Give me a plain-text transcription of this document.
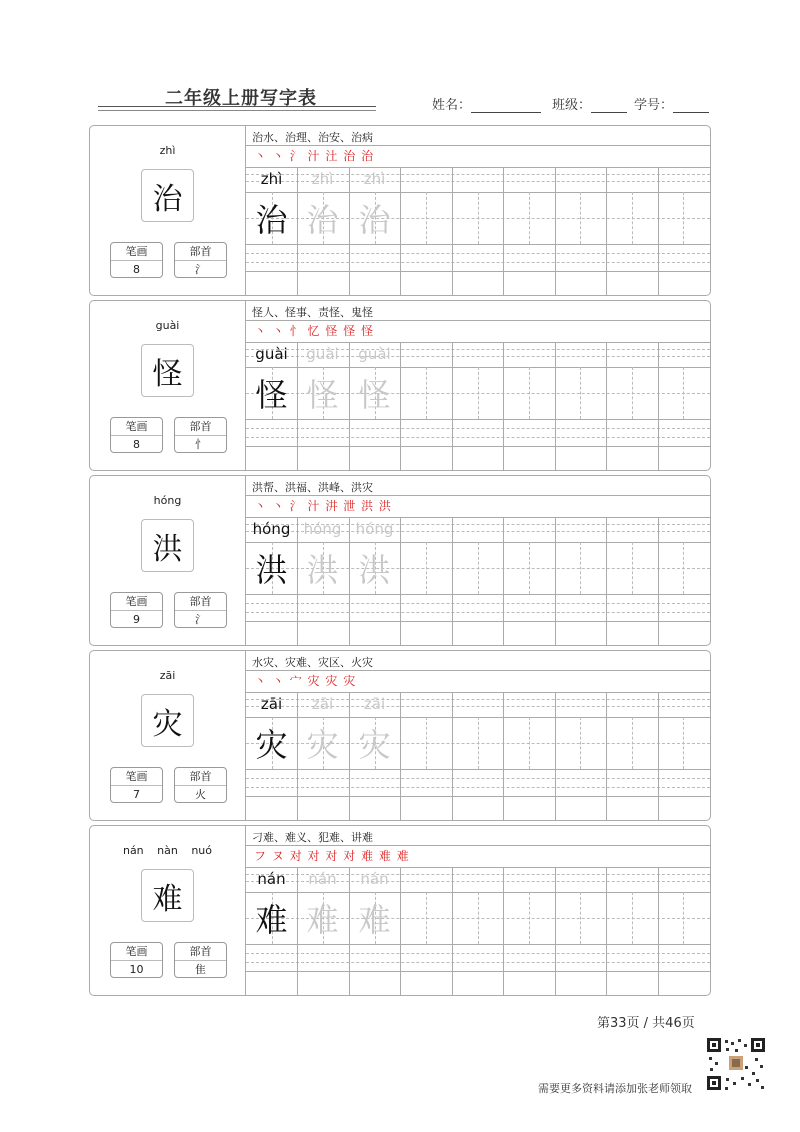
二年级上册写字表	姓名：	班级：	学号：
zhì
治
笔画
8
部首
氵
治水、治理、治安、治病
丶 丶 氵 汁 汢 治 治
zhì
治
zhì
治
zhì
治
guài
怪
笔画
8
部首
忄
怪人、怪事、责怪、鬼怪
丶 丶 忄 忆 怪 怪 怪
guài
怪
guài
怪
guài
怪
hóng
洪
笔画
9
部首
氵
洪帮、洪福、洪峰、洪灾
丶 丶 氵 汁 汫 泄 洪 洪
hóng
洪
hóng
洪
hóng
洪
zāi
灾
笔画
7
部首
火
水灾、灾难、灾区、火灾
丶 丶 宀 灾 灾 灾
zāi
灾
zāi
灾
zāi
灾
nán nàn nuó
难
笔画
10
部首
隹
刁难、难义、犯难、讲难
フ ヌ 对 对 对 对 难 难 难
nán
难
nán
难
nán
难
第33页 / 共46页
需要更多资料请添加张老师领取
